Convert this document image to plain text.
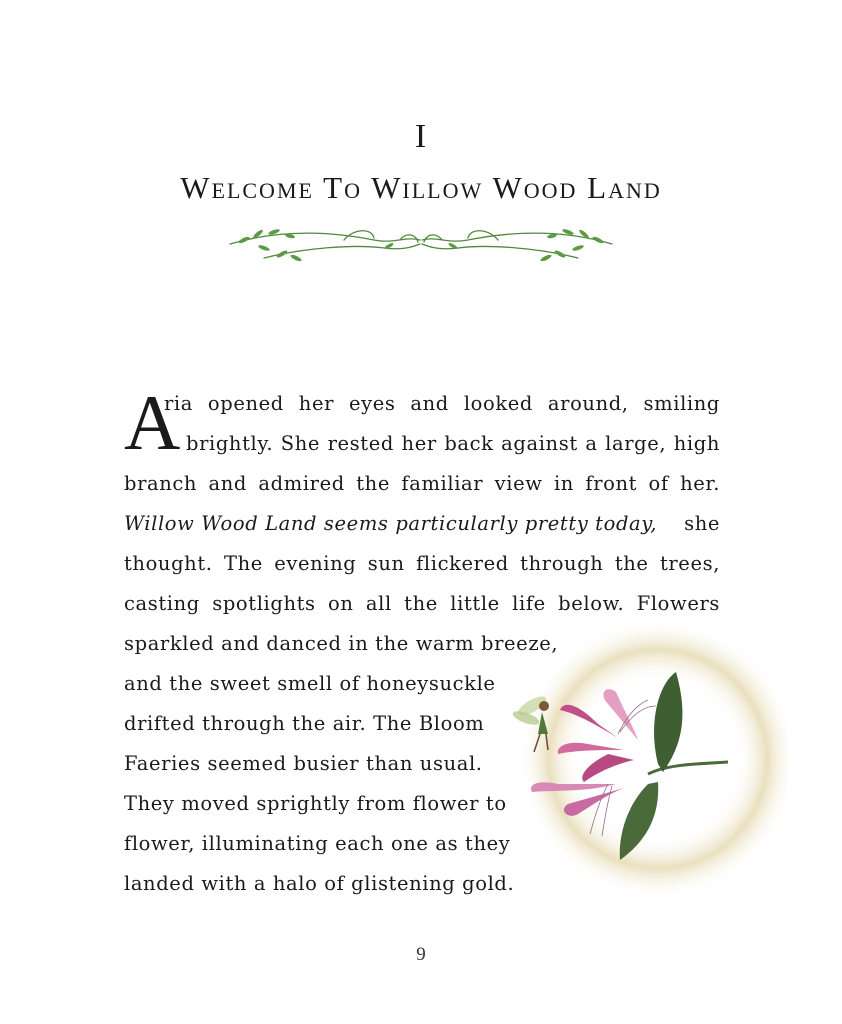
I
Welcome To Willow Wood Land
A
ria opened her eyes and looked around, smiling
brightly. She rested her back against a large, high
branch and admired the familiar view in front of her.
Willow Wood Land seems particularly pretty today, she
thought. The evening sun flickered through the trees,
casting spotlights on all the little life below. Flowers
sparkled and danced in the warm breeze,
and the sweet smell of honeysuckle
drifted through the air. The Bloom
Faeries seemed busier than usual.
They moved sprightly from flower to
flower, illuminating each one as they
landed with a halo of glistening gold.
9
